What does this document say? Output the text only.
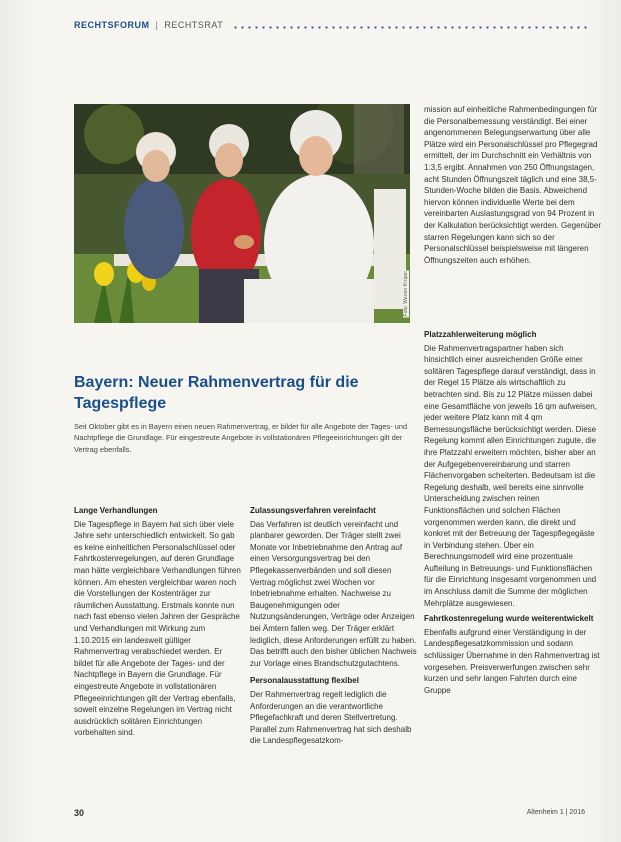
RECHTSFORUM | RECHTSRAT
Foto: Werner Krüper

mission auf einheitliche Rahmenbedingungen für die Personalbemessung verständigt. Bei einer angenommenen Belegungserwartung über alle Plätze wird ein Personalschlüssel pro Pflegegrad ermittelt, der im Durchschnitt ein Verhältnis von 1:3,5 ergibt. Annahmen von 250 Öffnungstagen, acht Stunden Öffnungszeit täglich und eine 38,5-Stunden-Woche bilden die Basis. Abweichend hiervon können individuelle Werte bei dem vereinbarten Auslastungsgrad von 94 Prozent in der Kalkulation berücksichtigt werden. Gegenüber starren Regelungen kann sich so der Personalschlüssel beispielsweise mit längeren Öffnungszeiten auch erhöhen.

Bayern: Neuer Rahmenvertrag für die Tagespflege
Seit Oktober gibt es in Bayern einen neuen Rahmenvertrag, er bildet für alle Angebote der Tages- und Nachtpflege die Grundlage. Für eingestreute Angebote in vollstationären Pflegeeinrichtungen gilt der Vertrag ebenfalls.
Lange Verhandlungen

Die Tagespflege in Bayern hat sich über viele Jahre sehr unterschiedlich entwickelt. So gab es keine einheitlichen Personalschlüssel oder Fahrtkostenregelungen, auf deren Grundlage man hätte vergleichbare Verhandlungen führen können. Am ehesten vergleichbar waren noch die Vorstellungen der Kostenträger zur räumlichen Ausstattung. Erstmals konnte nun nach fast ebenso vielen Jahren der Gespräche und Verhandlungen mit Wirkung zum 1.10.2015 ein landesweit gültiger Rahmenvertrag verabschiedet werden. Er bildet für alle Angebote der Tages- und der Nachtpflege in Bayern die Grundlage. Für eingestreute Angebote in vollstationären Pflegeeinrichtungen gilt der Vertrag ebenfalls, soweit einzelne Regelungen im Vertrag nicht ausdrücklich solitären Einrichtungen vorbehalten sind.

Zulassungsverfahren vereinfacht

Das Verfahren ist deutlich vereinfacht und planbarer geworden. Der Träger stellt zwei Monate vor Inbetriebnahme den Antrag auf einen Versorgungsvertrag bei den Pflegekassenverbänden und soll diesen Vertrag möglichst zwei Wochen vor Inbetriebnahme erhalten. Nachweise zu Baugenehmigungen oder Nutzungsänderungen, Verträge oder Anzeigen bei Ämtern fallen weg. Der Träger erklärt lediglich, diese Anforderungen erfüllt zu haben. Das betrifft auch den bisher üblichen Nachweis zur Vorlage eines Brandschutzgutachtens.

Personalausstattung flexibel

Der Rahmenvertrag regelt lediglich die Anforderungen an die verantwortliche Pflegefachkraft und deren Stellvertretung. Parallel zum Rahmenvertrag hat sich deshalb die Landespflegesatzkom-

Platzzahlerweiterung möglich

Die Rahmenvertragspartner haben sich hinsichtlich einer ausreichenden Größe einer solitären Tagespflege darauf verständigt, dass in der Regel 15 Plätze als wirtschaftlich zu betrachten sind. Bis zu 12 Plätze müssen dabei eine Gesamtfläche von jeweils 16 qm aufweisen, jeder weitere Platz kann mit 4 qm Bemessungsfläche berücksichtigt werden. Diese Regelung kommt allen Einrichtungen zugute, die ihre Platzzahl erweitern möchten, bisher aber an der Aufgegebenvereinbarung und starren Flächenvorgaben scheiterten. Bedeutsam ist die Regelung deshalb, weil bereits eine sinnvolle Unterscheidung zwischen reinen Funktionsflächen und solchen Flächen vorgenommen werden kann, die direkt und konkret mit der Betreuung der Tagespflegegäste in Verbindung stehen. Über ein Berechnungsmodell wird eine prozentuale Aufteilung in Betreuungs- und Funktionsflächen für die Einrichtung insgesamt vorgenommen und im Anschluss damit die Summe der möglichen Mehrplätze ausgewiesen.

Fahrtkostenregelung wurde weiterentwickelt

Ebenfalls aufgrund einer Verständigung in der Landespflegesatzkommission und sodann schlüssiger Übernahme in den Rahmenvertrag ist vorgesehen. Preisverwerfungen zwischen sehr kurzen und sehr langen Fahrten durch eine Gruppe

30	Altenheim 1 | 2016
